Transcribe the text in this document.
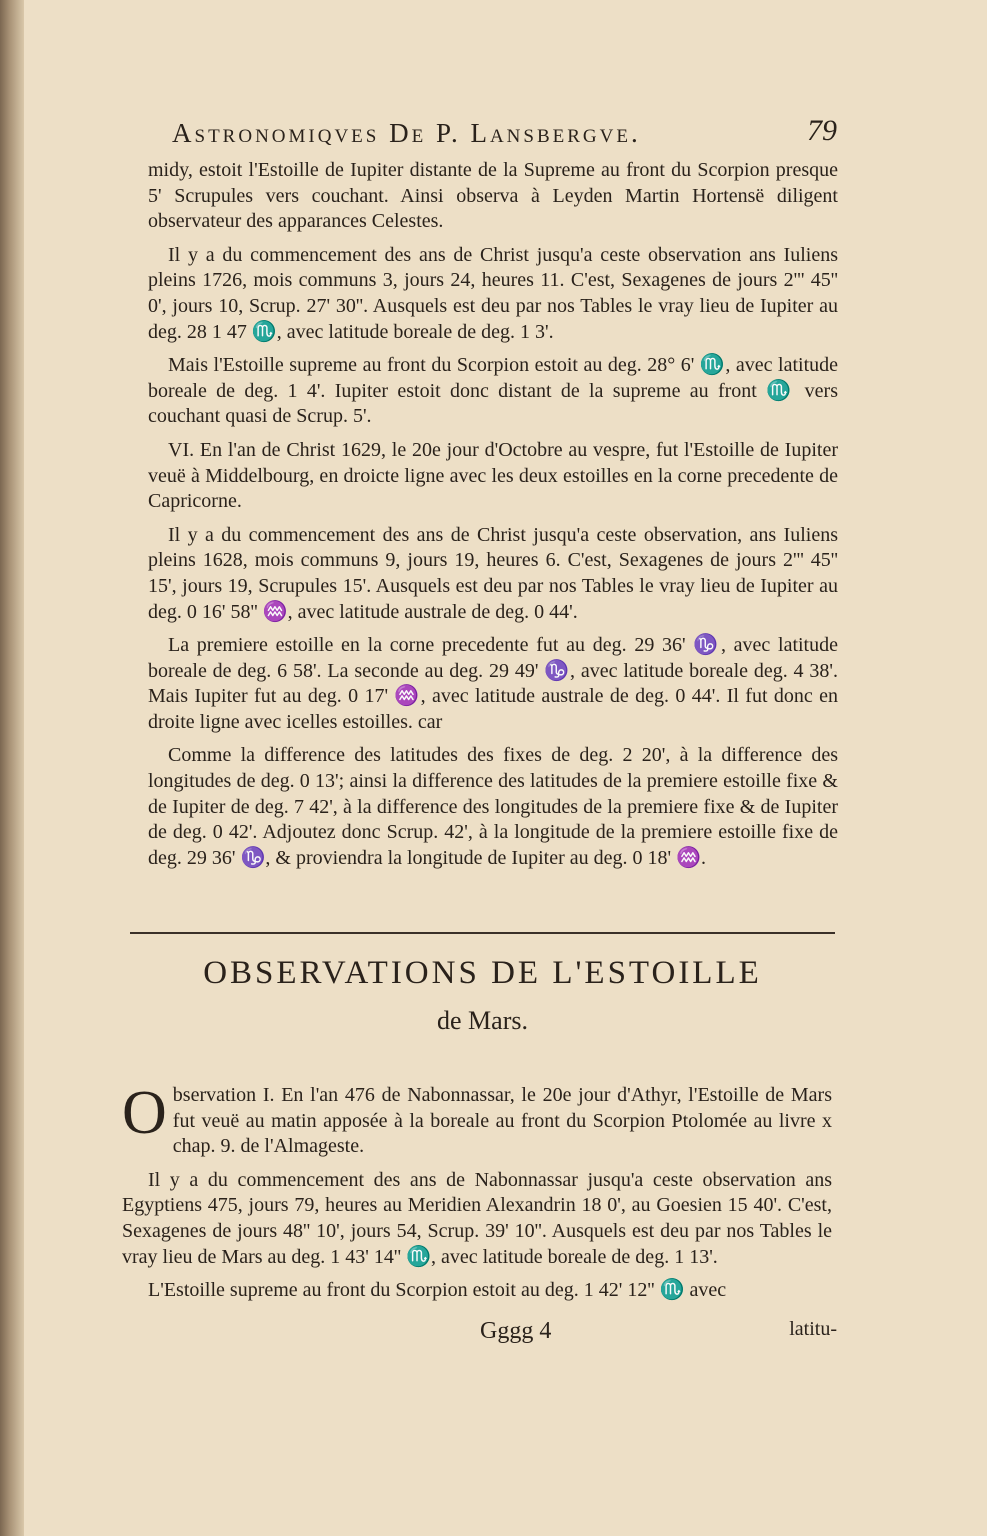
Astronomiqves De P. Lansbergve.	79

midy, estoit l'Estoille de Iupiter distante de la Supreme au front du Scorpion presque 5' Scrupules vers couchant. Ainsi observa à Leyden Martin Hortensë diligent observateur des apparances Celestes.

Il y a du commencement des ans de Christ jusqu'a ceste observation ans Iuliens pleins 1726, mois communs 3, jours 24, heures 11. C'est, Sexagenes de jours 2''' 45'' 0', jours 10, Scrup. 27' 30''. Ausquels est deu par nos Tables le vray lieu de Iupiter au deg. 28 1 47 ♏, avec latitude boreale de deg. 1 3'.

Mais l'Estoille supreme au front du Scorpion estoit au deg. 28° 6' ♏, avec latitude boreale de deg. 1 4'. Iupiter estoit donc distant de la supreme au front ♏ vers couchant quasi de Scrup. 5'.

VI. En l'an de Christ 1629, le 20e jour d'Octobre au vespre, fut l'Estoille de Iupiter veuë à Middelbourg, en droicte ligne avec les deux estoilles en la corne precedente de Capricorne.

Il y a du commencement des ans de Christ jusqu'a ceste observation, ans Iuliens pleins 1628, mois communs 9, jours 19, heures 6. C'est, Sexagenes de jours 2''' 45'' 15', jours 19, Scrupules 15'. Ausquels est deu par nos Tables le vray lieu de Iupiter au deg. 0 16' 58'' ♒, avec latitude australe de deg. 0 44'.

La premiere estoille en la corne precedente fut au deg. 29 36' ♑, avec latitude boreale de deg. 6 58'. La seconde au deg. 29 49' ♑, avec latitude boreale deg. 4 38'. Mais Iupiter fut au deg. 0 17' ♒, avec latitude australe de deg. 0 44'. Il fut donc en droite ligne avec icelles estoilles. car

Comme la difference des latitudes des fixes de deg. 2 20', à la difference des longitudes de deg. 0 13'; ainsi la difference des latitudes de la premiere estoille fixe & de Iupiter de deg. 7 42', à la difference des longitudes de la premiere fixe & de Iupiter de deg. 0 42'. Adjoutez donc Scrup. 42', à la longitude de la premiere estoille fixe de deg. 29 36' ♑, & proviendra la longitude de Iupiter au deg. 0 18' ♒.

OBSERVATIONS DE L'ESTOILLE
de Mars.

O bservation I. En l'an 476 de Nabonnassar, le 20e jour d'Athyr, l'Estoille de Mars fut veuë au matin apposée à la boreale au front du Scorpion Ptolomée au livre x chap. 9. de l'Almageste.

Il y a du commencement des ans de Nabonnassar jusqu'a ceste observation ans Egyptiens 475, jours 79, heures au Meridien Alexandrin 18 0', au Goesien 15 40'. C'est, Sexagenes de jours 48'' 10', jours 54, Scrup. 39' 10''. Ausquels est deu par nos Tables le vray lieu de Mars au deg. 1 43' 14'' ♏, avec latitude boreale de deg. 1 13'.

L'Estoille supreme au front du Scorpion estoit au deg. 1 42' 12'' ♏ avec

Gggg 4	latitu-
